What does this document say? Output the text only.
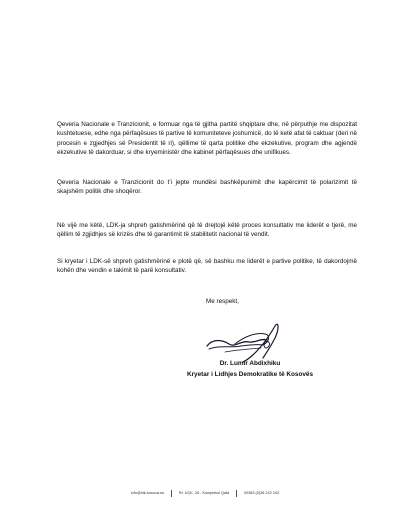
Qeveria Nacionale e Tranzicionit, e formuar nga të gjitha partitë shqiptare dhe, në përputhje me dispozitat kushtetuese, edhe nga përfaqësues të partive të komuniteteve joshumicë, do të ketë afat të caktuar (deri në procesin e zgjedhjes së Presidentit të ri), qëllime të qarta politike dhe ekzekutive, program dhe agjendë ekzekutive të dakorduar, si dhe kryeministër dhe kabinet përfaqësues dhe unifikues.

Qeveria Nacionale e Tranzicionit do t’i jepte mundësi bashkëpunimit dhe kapërcimit të polarizimit të skajshëm politik dhe shoqëror.

Në vijë me këtë, LDK-ja shpreh gatishmërinë që të drejtojë këtë proces konsultativ me liderët e tjerë, me qëllim të zgjidhjes së krizës dhe të garantimit të stabilitetit nacional të vendit.

Si kryetar i LDK-së shpreh gatishmërinë e plotë që, së bashku me liderët e partive politike, të dakordojmë kohën dhe vendin e takimit të parë konsultativ.

Me respekt,

Dr. Lumir Abdixhiku

Kryetar i Lidhjes Demokratike të Kosovës

info@ldk-kosova.eu	Rr. UÇK, 26 - Kompleksi Qafa	00383 (0)38 242 242
